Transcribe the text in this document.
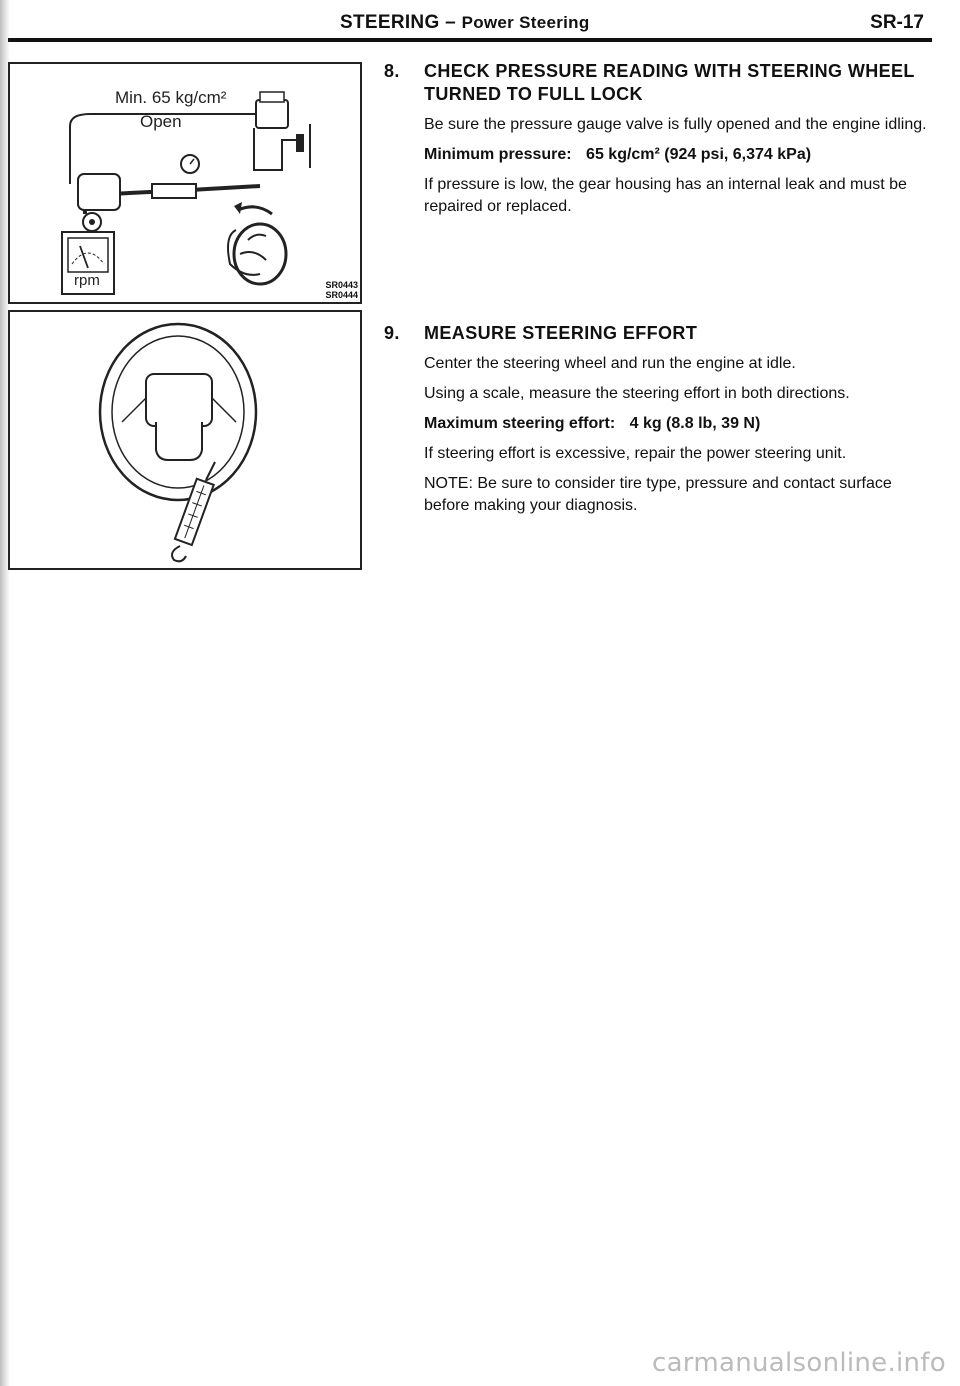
STEERING – Power Steering	SR-17
Min. 65 kg/cm²
Open
rpm	SR0443
SR0444
8.	CHECK PRESSURE READING WITH STEERING WHEEL TURNED TO FULL LOCK
Be sure the pressure gauge valve is fully opened and the engine idling.
Minimum pressure: 65 kg/cm² (924 psi, 6,374 kPa)
If pressure is low, the gear housing has an internal leak and must be repaired or replaced.
9.	MEASURE STEERING EFFORT
Center the steering wheel and run the engine at idle.
Using a scale, measure the steering effort in both directions.
Maximum steering effort: 4 kg (8.8 lb, 39 N)
If steering effort is excessive, repair the power steering unit.
NOTE: Be sure to consider tire type, pressure and contact surface before making your diagnosis.
carmanualsonline.info
